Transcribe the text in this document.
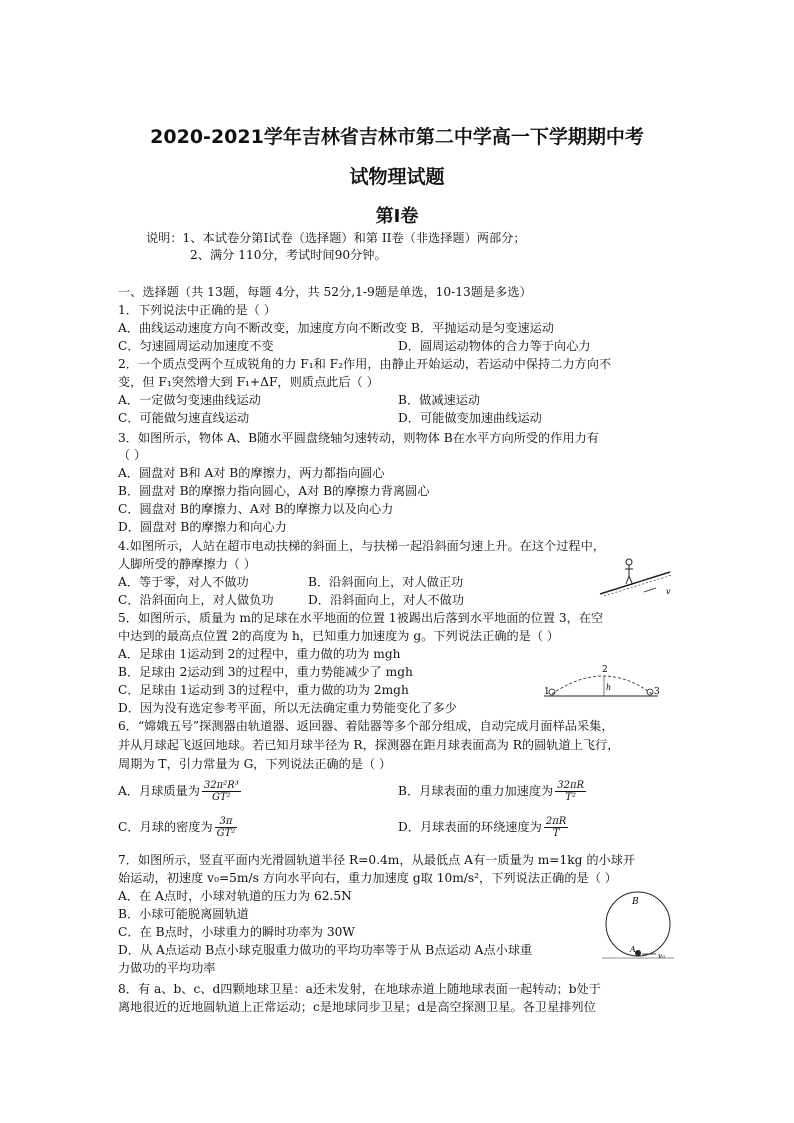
2020-2021学年吉林省吉林市第二中学高一下学期期中考
试物理试题
第Ⅰ卷
说明：1、本试卷分第Ⅰ试卷（选择题）和第 II卷（非选择题）两部分；
2、满分 110分，考试时间90分钟。
一、选择题（共 13题，每题 4分，共 52分,1-9题是单选，10-13题是多选）
1．下列说法中正确的是（ ）
A．曲线运动速度方向不断改变，加速度方向不断改变 B．平抛运动是匀变速运动
C．匀速圆周运动加速度不变	D．圆周运动物体的合力等于向心力
2．一个质点受两个互成锐角的力 F₁和 F₂作用，由静止开始运动，若运动中保持二力方向不
变，但 F₁突然增大到 F₁+ΔF，则质点此后（ ）
A．一定做匀变速曲线运动	B．做减速运动
C．可能做匀速直线运动	D．可能做变加速曲线运动
3．如图所示，物体 A、B随水平圆盘绕轴匀速转动，则物体 B在水平方向所受的作用力有
（ ）
A．圆盘对 B和 A对 B的摩擦力，两力都指向圆心
B．圆盘对 B的摩擦力指向圆心，A对 B的摩擦力背离圆心
C．圆盘对 B的摩擦力、A对 B的摩擦力以及向心力
D．圆盘对 B的摩擦力和向心力
4.如图所示，人站在超市电动扶梯的斜面上，与扶梯一起沿斜面匀速上升。在这个过程中，
人脚所受的静摩擦力（ ）
A．等于零，对人不做功	B．沿斜面向上，对人做正功
C．沿斜面向上，对人做负功	D．沿斜面向上，对人不做功
v
5．如图所示，质量为 m的足球在水平地面的位置 1被踢出后落到水平地面的位置 3，在空
中达到的最高点位置 2的高度为 h，已知重力加速度为 g。下列说法正确的是（ ）
A．足球由 1运动到 2的过程中，重力做的功为 mgh
B．足球由 2运动到 3的过程中，重力势能减少了 mgh
C．足球由 1运动到 3的过程中，重力做的功为 2mgh
D．因为没有选定参考平面，所以无法确定重力势能变化了多少
1
2
3
h
6．“嫦娥五号”探测器由轨道器、返回器、着陆器等多个部分组成，自动完成月面样品采集，
并从月球起飞返回地球。若已知月球半径为 R，探测器在距月球表面高为 R的圆轨道上飞行，
周期为 T，引力常量为 G，下列说法正确的是（ ）
A．月球质量为 $\frac{\text{32π²R³}}{\text{GT²}}$	B．月球表面的重力加速度为 $\frac{32\pi R}{\text{T²}}$
C．月球的密度为 $\frac{3\pi}{\text{GT²}}$	D．月球表面的环绕速度为 $\frac{2\pi R}{T}$
7．如图所示，竖直平面内光滑圆轨道半径 R=0.4m，从最低点 A有一质量为 m=1kg 的小球开
始运动，初速度 v₀=5m/s 方向水平向右，重力加速度 g取 10m/s²，下列说法正确的是（ ）
A．在 A点时，小球对轨道的压力为 62.5N
B．小球可能脱离圆轨道
C．在 B点时，小球重力的瞬时功率为 30W
D．从 A点运动 B点小球克服重力做功的平均功率等于从 B点运动 A点小球重
力做功的平均功率
B
A
v₀
8．有 a、b、c、d四颗地球卫星：a还未发射，在地球赤道上随地球表面一起转动；b处于
离地很近的近地圆轨道上正常运动；c是地球同步卫星；d是高空探测卫星。各卫星排列位
